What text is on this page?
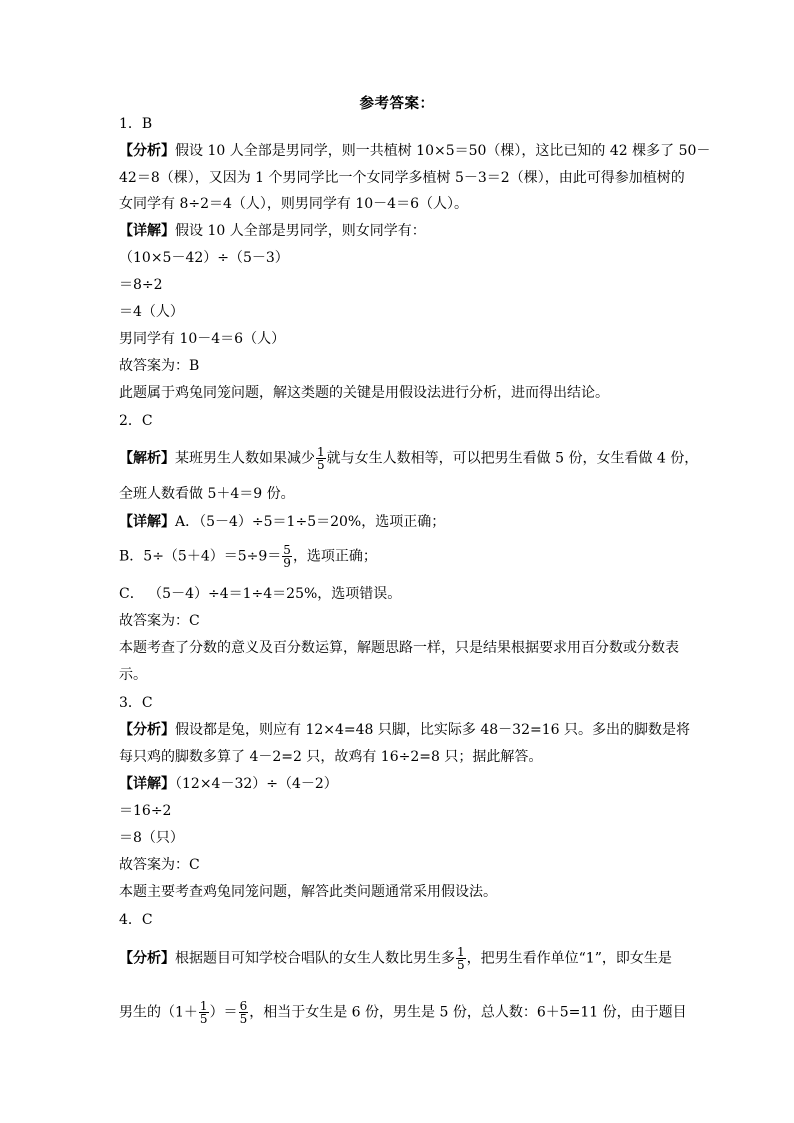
参考答案：
1．B
【分析】假设 10 人全部是男同学，则一共植树 10×5＝50（棵），这比已知的 42 棵多了 50－
42＝8（棵），又因为 1 个男同学比一个女同学多植树 5－3＝2（棵），由此可得参加植树的
女同学有 8÷2＝4（人），则男同学有 10－4＝6（人）。
【详解】假设 10 人全部是男同学，则女同学有：
（10×5－42）÷（5－3）
＝8÷2
＝4（人）
男同学有 10－4＝6（人）
故答案为：B
此题属于鸡兔同笼问题，解这类题的关键是用假设法进行分析，进而得出结论。
2．C
【解析】某班男生人数如果减少 $\frac{1}{5}$ 就与女生人数相等，可以把男生看做 5 份，女生看做 4 份，
全班人数看做 5＋4＝9 份。
【详解】A．（5－4）÷5＝1÷5＝20%，选项正确；
B．$5\div(5+4)=5\div 9= \frac{5}{9}$ ，选项正确；
C． （5－4）÷4＝1÷4＝25%，选项错误。
故答案为：C
本题考查了分数的意义及百分数运算，解题思路一样，只是结果根据要求用百分数或分数表
示。
3．C
【分析】假设都是兔，则应有 12×4=48 只脚，比实际多 48－32=16 只。多出的脚数是将
每只鸡的脚数多算了 4－2=2 只，故鸡有 16÷2=8 只；据此解答。
【详解】（12×4－32）÷（4－2）
＝16÷2
＝8（只）
故答案为：C
本题主要考查鸡兔同笼问题，解答此类问题通常采用假设法。
4．C
【分析】根据题目可知学校合唱队的女生人数比男生多 $\frac{1}{5}$ ，把男生看作单位“1”，即女生是
男生的（$1+ \frac{1}{5}$ ）＝ $\frac{6}{5}$ ，相当于女生是 6 份，男生是 5 份，总人数：6＋5=11 份，由于题目
